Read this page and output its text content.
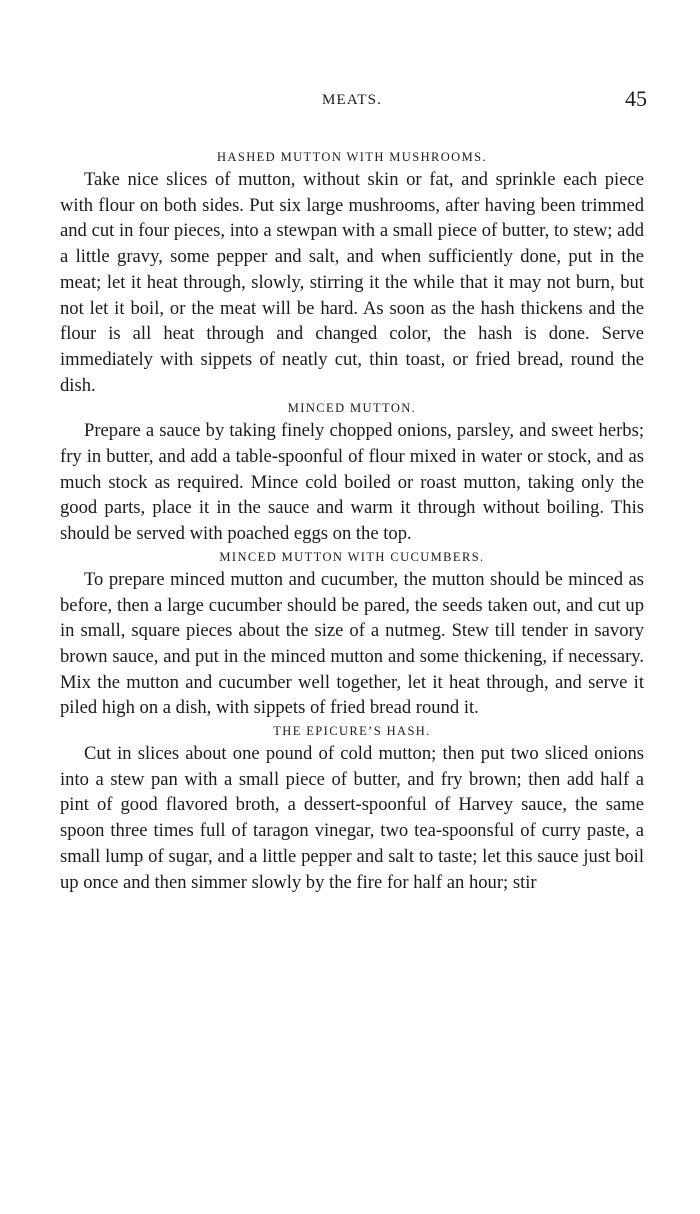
MEATS.	45
HASHED MUTTON WITH MUSHROOMS.

Take nice slices of mutton, without skin or fat, and sprinkle each piece with flour on both sides. Put six large mushrooms, after having been trimmed and cut in four pieces, into a stewpan with a small piece of butter, to stew; add a little gravy, some pepper and salt, and when sufficiently done, put in the meat; let it heat through, slowly, stirring it the while that it may not burn, but not let it boil, or the meat will be hard. As soon as the hash thickens and the flour is all heat through and changed color, the hash is done. Serve immediately with sippets of neatly cut, thin toast, or fried bread, round the dish.

MINCED MUTTON.

Prepare a sauce by taking finely chopped onions, parsley, and sweet herbs; fry in butter, and add a table-spoonful of flour mixed in water or stock, and as much stock as required. Mince cold boiled or roast mutton, taking only the good parts, place it in the sauce and warm it through without boiling. This should be served with poached eggs on the top.

MINCED MUTTON WITH CUCUMBERS.

To prepare minced mutton and cucumber, the mutton should be minced as before, then a large cucumber should be pared, the seeds taken out, and cut up in small, square pieces about the size of a nutmeg. Stew till tender in savory brown sauce, and put in the minced mutton and some thickening, if necessary. Mix the mutton and cucumber well together, let it heat through, and serve it piled high on a dish, with sippets of fried bread round it.

THE EPICURE’S HASH.

Cut in slices about one pound of cold mutton; then put two sliced onions into a stew pan with a small piece of butter, and fry brown; then add half a pint of good flavored broth, a dessert-spoonful of Harvey sauce, the same spoon three times full of taragon vinegar, two tea-spoonsful of curry paste, a small lump of sugar, and a little pepper and salt to taste; let this sauce just boil up once and then simmer slowly by the fire for half an hour; stir
